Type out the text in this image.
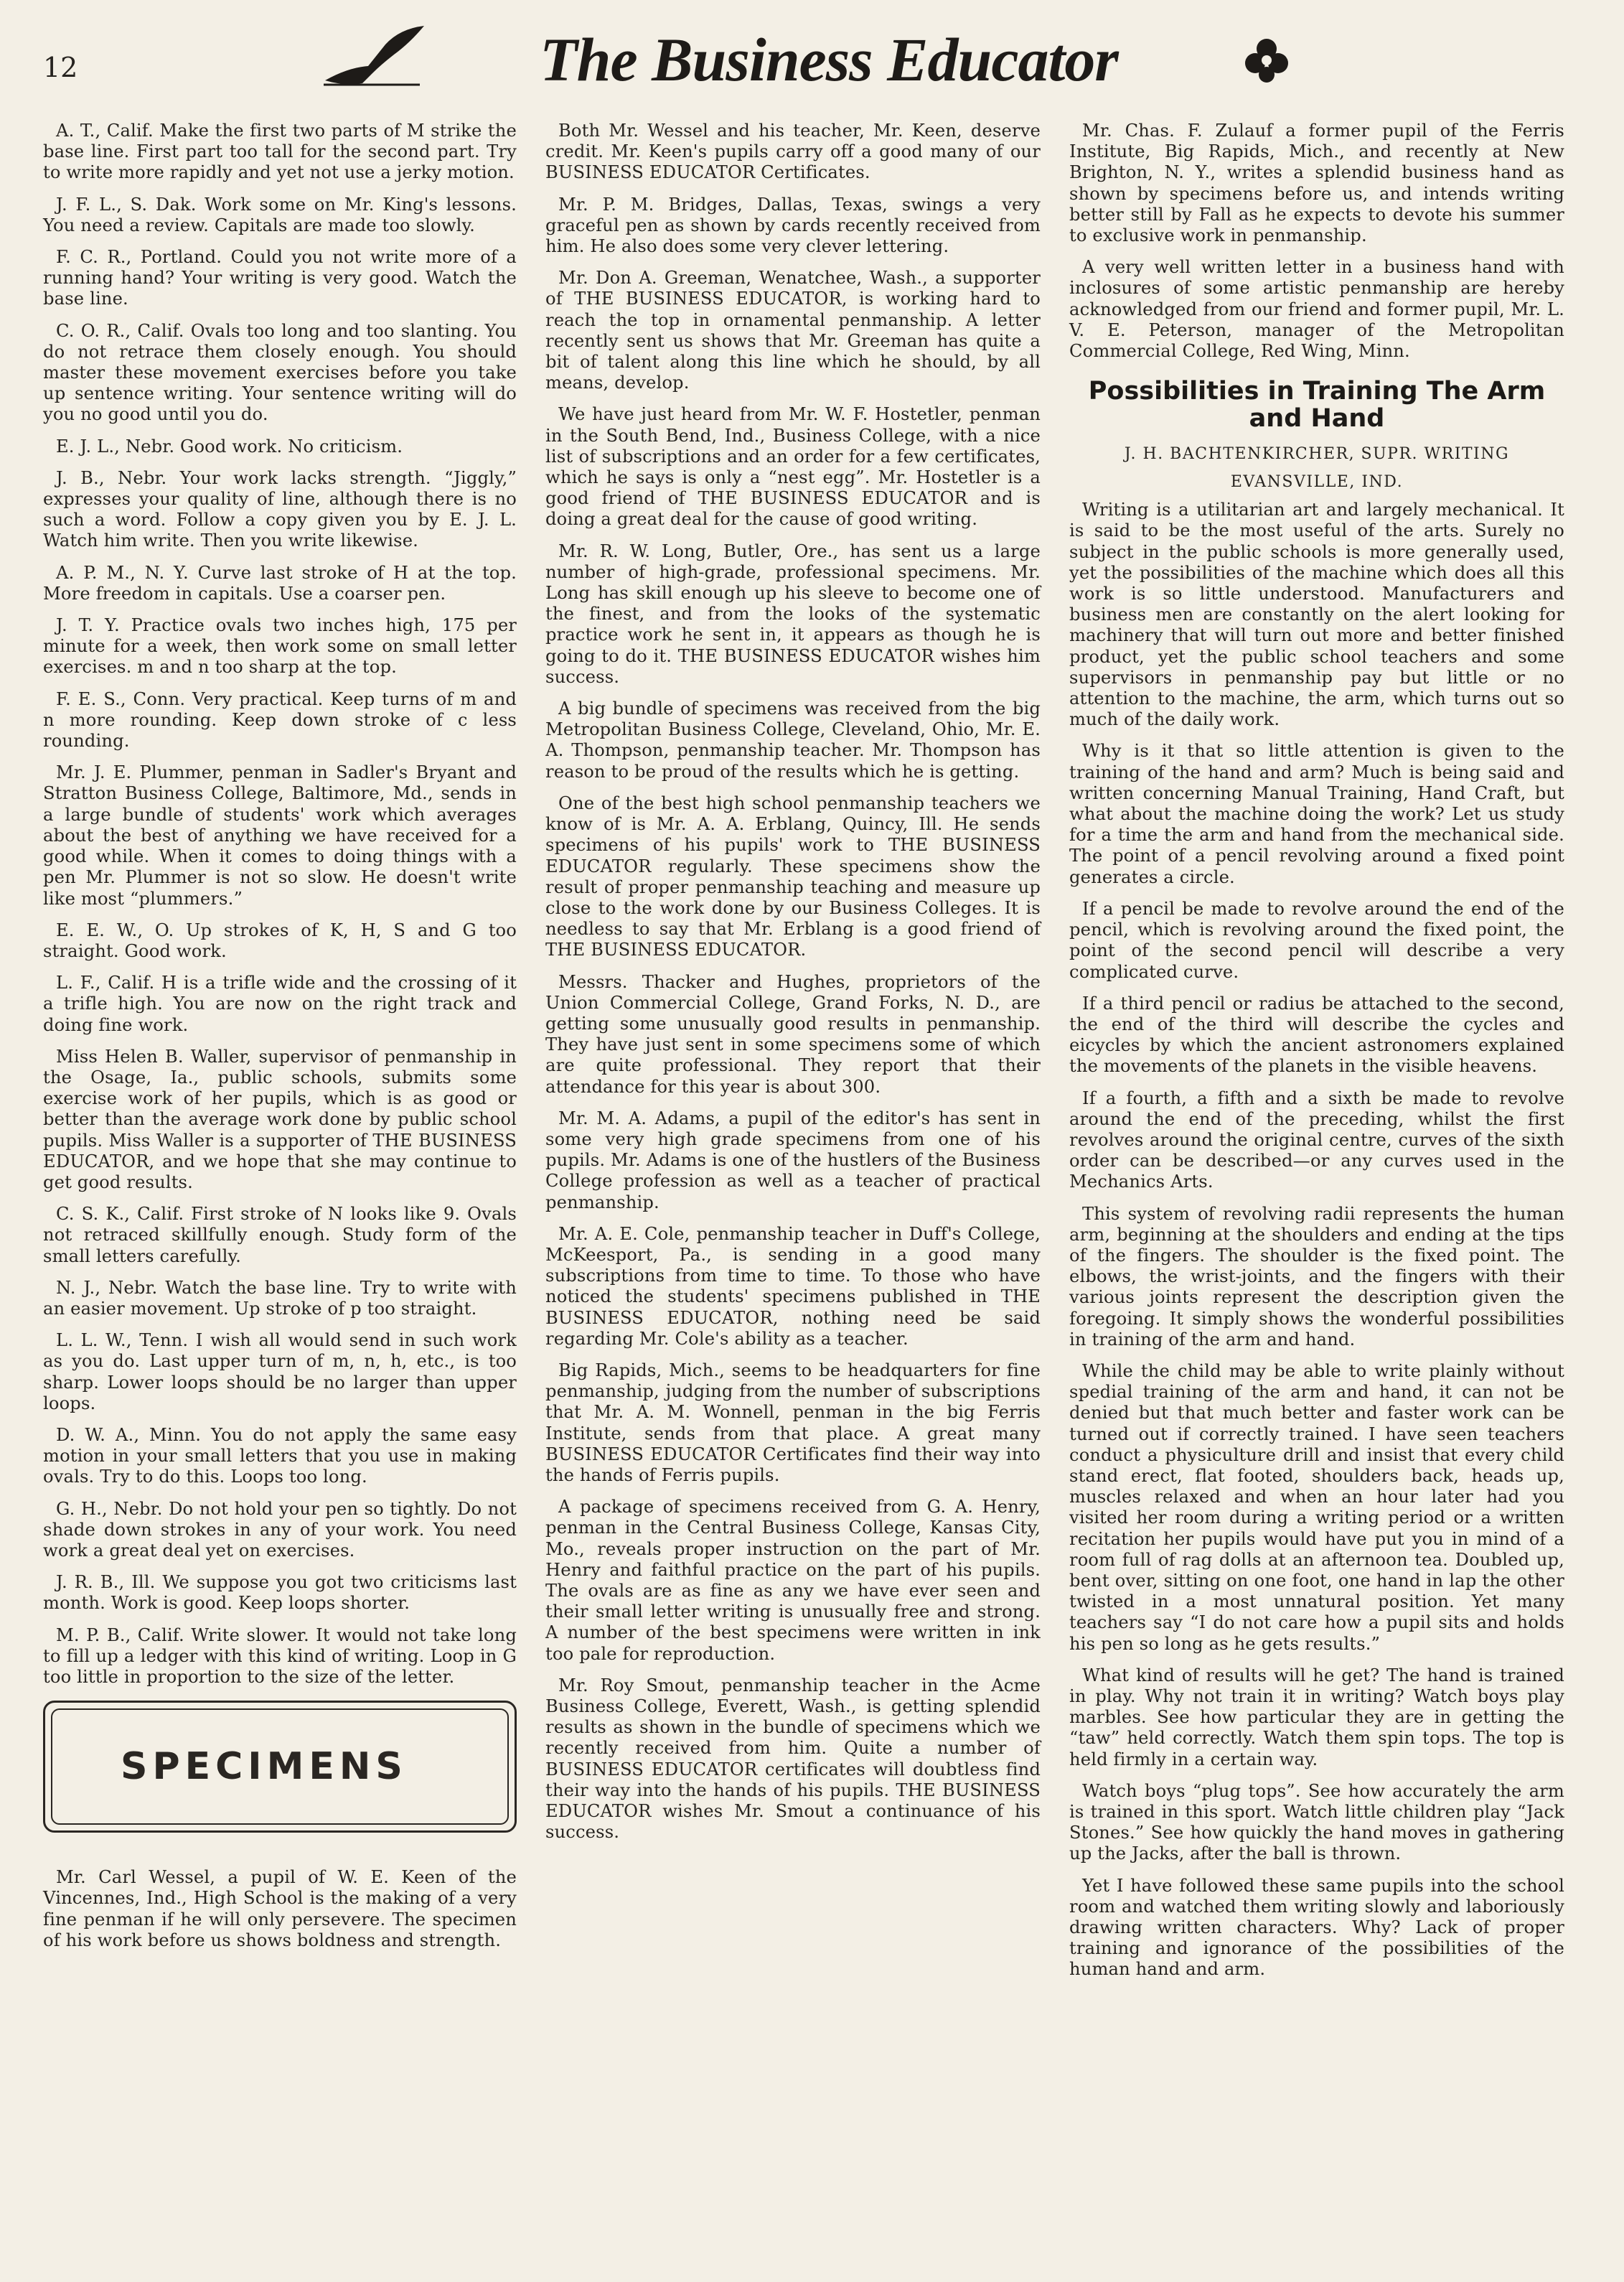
12	The Business Educator

A. T., Calif. Make the first two parts of M strike the base line. First part too tall for the second part. Try to write more rapidly and yet not use a jerky motion.

J. F. L., S. Dak. Work some on Mr. King's lessons. You need a review. Capitals are made too slowly.

F. C. R., Portland. Could you not write more of a running hand? Your writing is very good. Watch the base line.

C. O. R., Calif. Ovals too long and too slanting. You do not retrace them closely enough. You should master these movement exercises before you take up sentence writing. Your sentence writing will do you no good until you do.

E. J. L., Nebr. Good work. No criticism.

J. B., Nebr. Your work lacks strength. “Jiggly,” expresses your quality of line, although there is no such a word. Follow a copy given you by E. J. L. Watch him write. Then you write likewise.

A. P. M., N. Y. Curve last stroke of H at the top. More freedom in capitals. Use a coarser pen.

J. T. Y. Practice ovals two inches high, 175 per minute for a week, then work some on small letter exercises. m and n too sharp at the top.

F. E. S., Conn. Very practical. Keep turns of m and n more rounding. Keep down stroke of c less rounding.

Mr. J. E. Plummer, penman in Sadler's Bryant and Stratton Business College, Baltimore, Md., sends in a large bundle of students' work which averages about the best of anything we have received for a good while. When it comes to doing things with a pen Mr. Plummer is not so slow. He doesn't write like most “plummers.”

E. E. W., O. Up strokes of K, H, S and G too straight. Good work.

L. F., Calif. H is a trifle wide and the crossing of it a trifle high. You are now on the right track and doing fine work.

Miss Helen B. Waller, supervisor of penmanship in the Osage, Ia., public schools, submits some exercise work of her pupils, which is as good or better than the average work done by public school pupils. Miss Waller is a supporter of THE BUSINESS EDUCATOR, and we hope that she may continue to get good results.

C. S. K., Calif. First stroke of N looks like 9. Ovals not retraced skillfully enough. Study form of the small letters carefully.

N. J., Nebr. Watch the base line. Try to write with an easier movement. Up stroke of p too straight.

L. L. W., Tenn. I wish all would send in such work as you do. Last upper turn of m, n, h, etc., is too sharp. Lower loops should be no larger than upper loops.

D. W. A., Minn. You do not apply the same easy motion in your small letters that you use in making ovals. Try to do this. Loops too long.

G. H., Nebr. Do not hold your pen so tightly. Do not shade down strokes in any of your work. You need work a great deal yet on exercises.

J. R. B., Ill. We suppose you got two criticisms last month. Work is good. Keep loops shorter.

M. P. B., Calif. Write slower. It would not take long to fill up a ledger with this kind of writing. Loop in G too little in proportion to the size of the letter.

SPECIMENS

Mr. Carl Wessel, a pupil of W. E. Keen of the Vincennes, Ind., High School is the making of a very fine penman if he will only persevere. The specimen of his work before us shows boldness and strength.

Both Mr. Wessel and his teacher, Mr. Keen, deserve credit. Mr. Keen's pupils carry off a good many of our BUSINESS EDUCATOR Certificates.

Mr. P. M. Bridges, Dallas, Texas, swings a very graceful pen as shown by cards recently received from him. He also does some very clever lettering.

Mr. Don A. Greeman, Wenatchee, Wash., a supporter of THE BUSINESS EDUCATOR, is working hard to reach the top in ornamental penmanship. A letter recently sent us shows that Mr. Greeman has quite a bit of talent along this line which he should, by all means, develop.

We have just heard from Mr. W. F. Hostetler, penman in the South Bend, Ind., Business College, with a nice list of subscriptions and an order for a few certificates, which he says is only a “nest egg”. Mr. Hostetler is a good friend of THE BUSINESS EDUCATOR and is doing a great deal for the cause of good writing.

Mr. R. W. Long, Butler, Ore., has sent us a large number of high-grade, professional specimens. Mr. Long has skill enough up his sleeve to become one of the finest, and from the looks of the systematic practice work he sent in, it appears as though he is going to do it. THE BUSINESS EDUCATOR wishes him success.

A big bundle of specimens was received from the big Metropolitan Business College, Cleveland, Ohio, Mr. E. A. Thompson, penmanship teacher. Mr. Thompson has reason to be proud of the results which he is getting.

One of the best high school penmanship teachers we know of is Mr. A. A. Erblang, Quincy, Ill. He sends specimens of his pupils' work to THE BUSINESS EDUCATOR regularly. These specimens show the result of proper penmanship teaching and measure up close to the work done by our Business Colleges. It is needless to say that Mr. Erblang is a good friend of THE BUSINESS EDUCATOR.

Messrs. Thacker and Hughes, proprietors of the Union Commercial College, Grand Forks, N. D., are getting some unusually good results in penmanship. They have just sent in some specimens some of which are quite professional. They report that their attendance for this year is about 300.

Mr. M. A. Adams, a pupil of the editor's has sent in some very high grade specimens from one of his pupils. Mr. Adams is one of the hustlers of the Business College profession as well as a teacher of practical penmanship.

Mr. A. E. Cole, penmanship teacher in Duff's College, McKeesport, Pa., is sending in a good many subscriptions from time to time. To those who have noticed the students' specimens published in THE BUSINESS EDUCATOR, nothing need be said regarding Mr. Cole's ability as a teacher.

Big Rapids, Mich., seems to be headquarters for fine penmanship, judging from the number of subscriptions that Mr. A. M. Wonnell, penman in the big Ferris Institute, sends from that place. A great many BUSINESS EDUCATOR Certificates find their way into the hands of Ferris pupils.

A package of specimens received from G. A. Henry, penman in the Central Business College, Kansas City, Mo., reveals proper instruction on the part of Mr. Henry and faithful practice on the part of his pupils. The ovals are as fine as any we have ever seen and their small letter writing is unusually free and strong. A number of the best specimens were written in ink too pale for reproduction.

Mr. Roy Smout, penmanship teacher in the Acme Business College, Everett, Wash., is getting splendid results as shown in the bundle of specimens which we recently received from him. Quite a number of BUSINESS EDUCATOR certificates will doubtless find their way into the hands of his pupils. THE BUSINESS EDUCATOR wishes Mr. Smout a continuance of his success.

Mr. Chas. F. Zulauf a former pupil of the Ferris Institute, Big Rapids, Mich., and recently at New Brighton, N. Y., writes a splendid business hand as shown by specimens before us, and intends writing better still by Fall as he expects to devote his summer to exclusive work in penmanship.

A very well written letter in a business hand with inclosures of some artistic penmanship are hereby acknowledged from our friend and former pupil, Mr. L. V. E. Peterson, manager of the Metropolitan Commercial College, Red Wing, Minn.

Possibilities in Training The Arm and Hand
J. H. BACHTENKIRCHER, SUPR. WRITING
EVANSVILLE, IND.

Writing is a utilitarian art and largely mechanical. It is said to be the most useful of the arts. Surely no subject in the public schools is more generally used, yet the possibilities of the machine which does all this work is so little understood. Manufacturers and business men are constantly on the alert looking for machinery that will turn out more and better finished product, yet the public school teachers and some supervisors in penmanship pay but little or no attention to the machine, the arm, which turns out so much of the daily work.

Why is it that so little attention is given to the training of the hand and arm? Much is being said and written concerning Manual Training, Hand Craft, but what about the machine doing the work? Let us study for a time the arm and hand from the mechanical side. The point of a pencil revolving around a fixed point generates a circle.

If a pencil be made to revolve around the end of the pencil, which is revolving around the fixed point, the point of the second pencil will describe a very complicated curve.

If a third pencil or radius be attached to the second, the end of the third will describe the cycles and eicycles by which the ancient astronomers explained the movements of the planets in the visible heavens.

If a fourth, a fifth and a sixth be made to revolve around the end of the preceding, whilst the first revolves around the original centre, curves of the sixth order can be described—or any curves used in the Mechanics Arts.

This system of revolving radii represents the human arm, beginning at the shoulders and ending at the tips of the fingers. The shoulder is the fixed point. The elbows, the wrist-joints, and the fingers with their various joints represent the description given the foregoing. It simply shows the wonderful possibilities in training of the arm and hand.

While the child may be able to write plainly without spedial training of the arm and hand, it can not be denied but that much better and faster work can be turned out if correctly trained. I have seen teachers conduct a physiculture drill and insist that every child stand erect, flat footed, shoulders back, heads up, muscles relaxed and when an hour later had you visited her room during a writing period or a written recitation her pupils would have put you in mind of a room full of rag dolls at an afternoon tea. Doubled up, bent over, sitting on one foot, one hand in lap the other twisted in a most unnatural position. Yet many teachers say “I do not care how a pupil sits and holds his pen so long as he gets results.”

What kind of results will he get? The hand is trained in play. Why not train it in writing? Watch boys play marbles. See how particular they are in getting the “taw” held correctly. Watch them spin tops. The top is held firmly in a certain way.

Watch boys “plug tops”. See how accurately the arm is trained in this sport. Watch little children play “Jack Stones.” See how quickly the hand moves in gathering up the Jacks, after the ball is thrown.

Yet I have followed these same pupils into the school room and watched them writing slowly and laboriously drawing written characters. Why? Lack of proper training and ignorance of the possibilities of the human hand and arm.
